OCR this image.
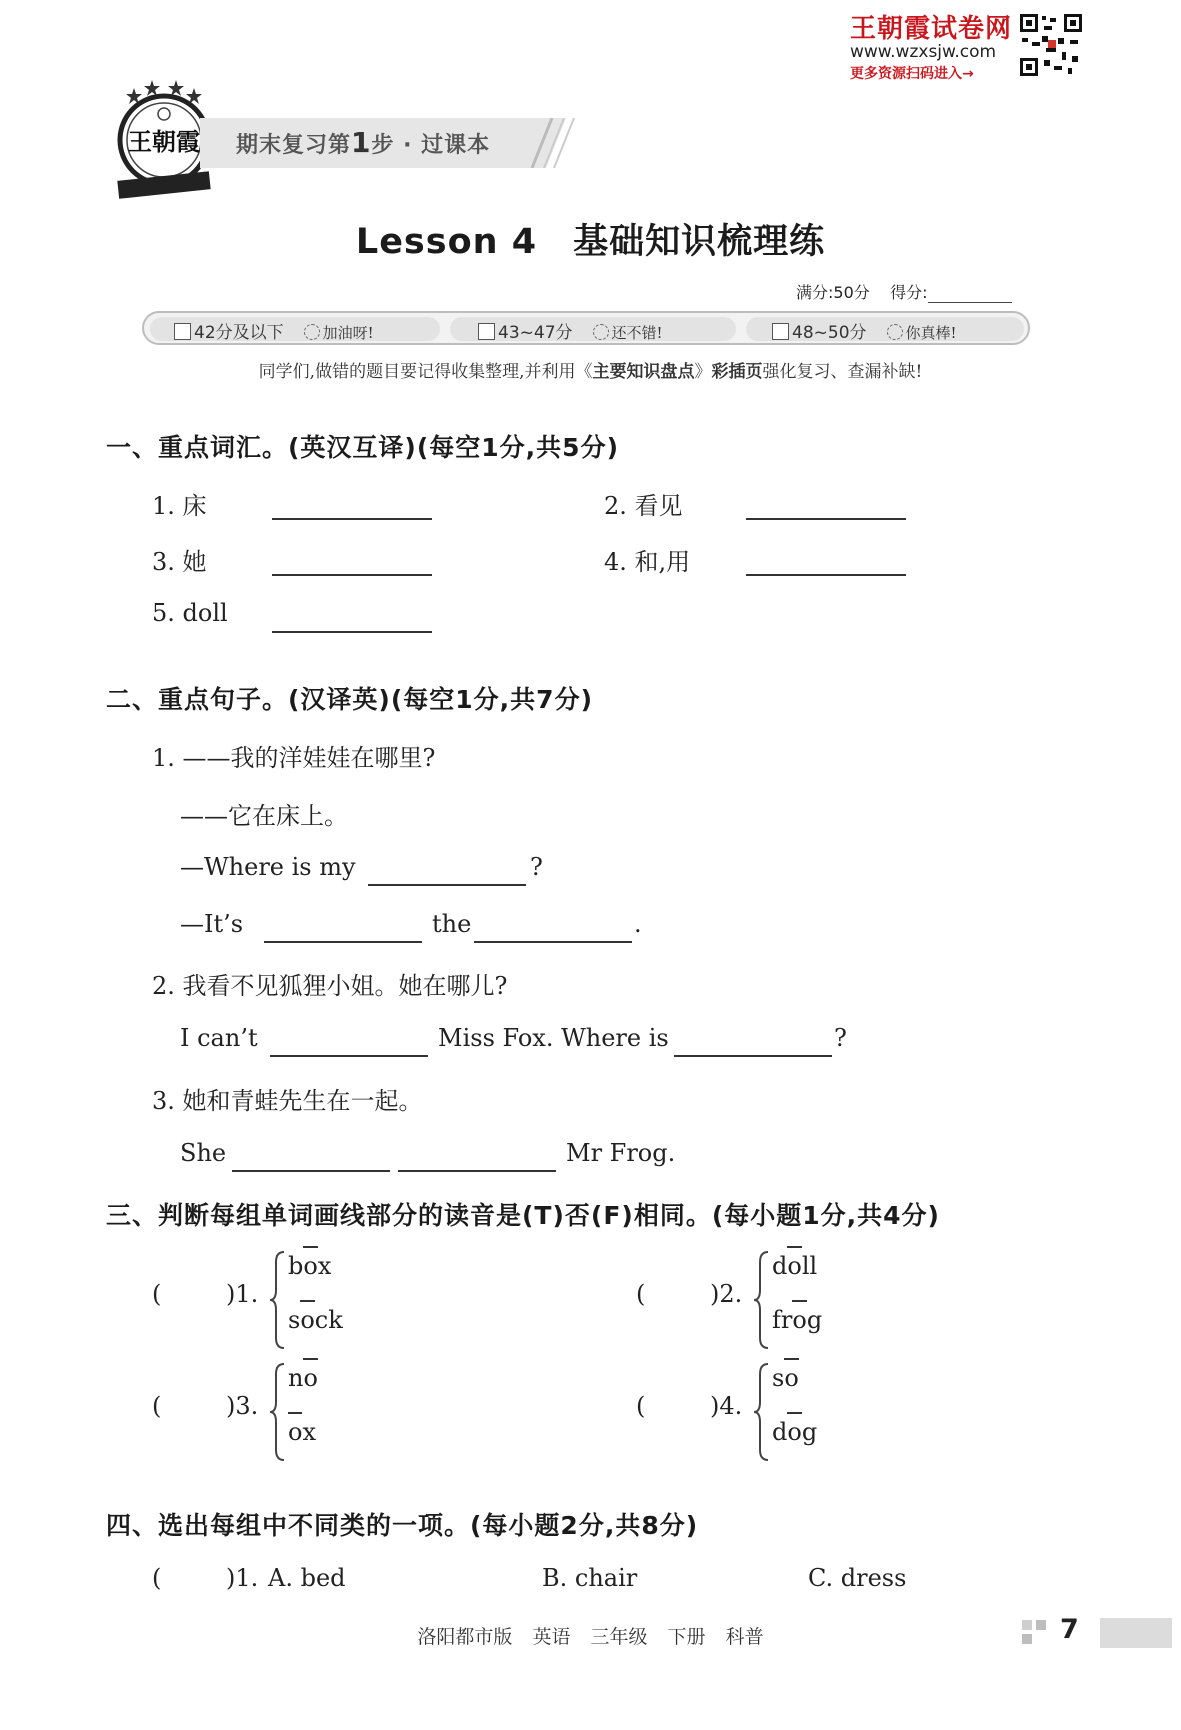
王朝霞试卷网
www.wzxsjw.com
更多资源扫码进入→
王朝霞 期末复习第1步 · 过课本
Lesson 4　基础知识梳理练
满分:50分 得分:
42分及以下	加油呀!	43~47分	还不错!	48~50分	你真棒!
同学们,做错的题目要记得收集整理,并利用《主要知识盘点》彩插页强化复习、查漏补缺!
一、重点词汇。(英汉互译)(每空1分,共5分)
1. 床	2. 看见
3. 她	4. 和,用
5. doll
二、重点句子。(汉译英)(每空1分,共7分)
1. ——我的洋娃娃在哪里?
——它在床上。
—Where is my	?
—It’s	the	.
2. 我看不见狐狸小姐。她在哪儿?
I can’t	Miss Fox. Where is	?
3. 她和青蛙先生在一起。
She	Mr Frog.
三、判断每组单词画线部分的读音是(T)否(F)相同。(每小题1分,共4分)
(	)1.
box
sock
(	)2.
doll
frog
(	)3.
no
ox
(	)4.
so
dog
四、选出每组中不同类的一项。(每小题2分,共8分)
(	)1. A. bed	B. chair	C. dress
洛阳都市版 英语 三年级 下册 科普	7
